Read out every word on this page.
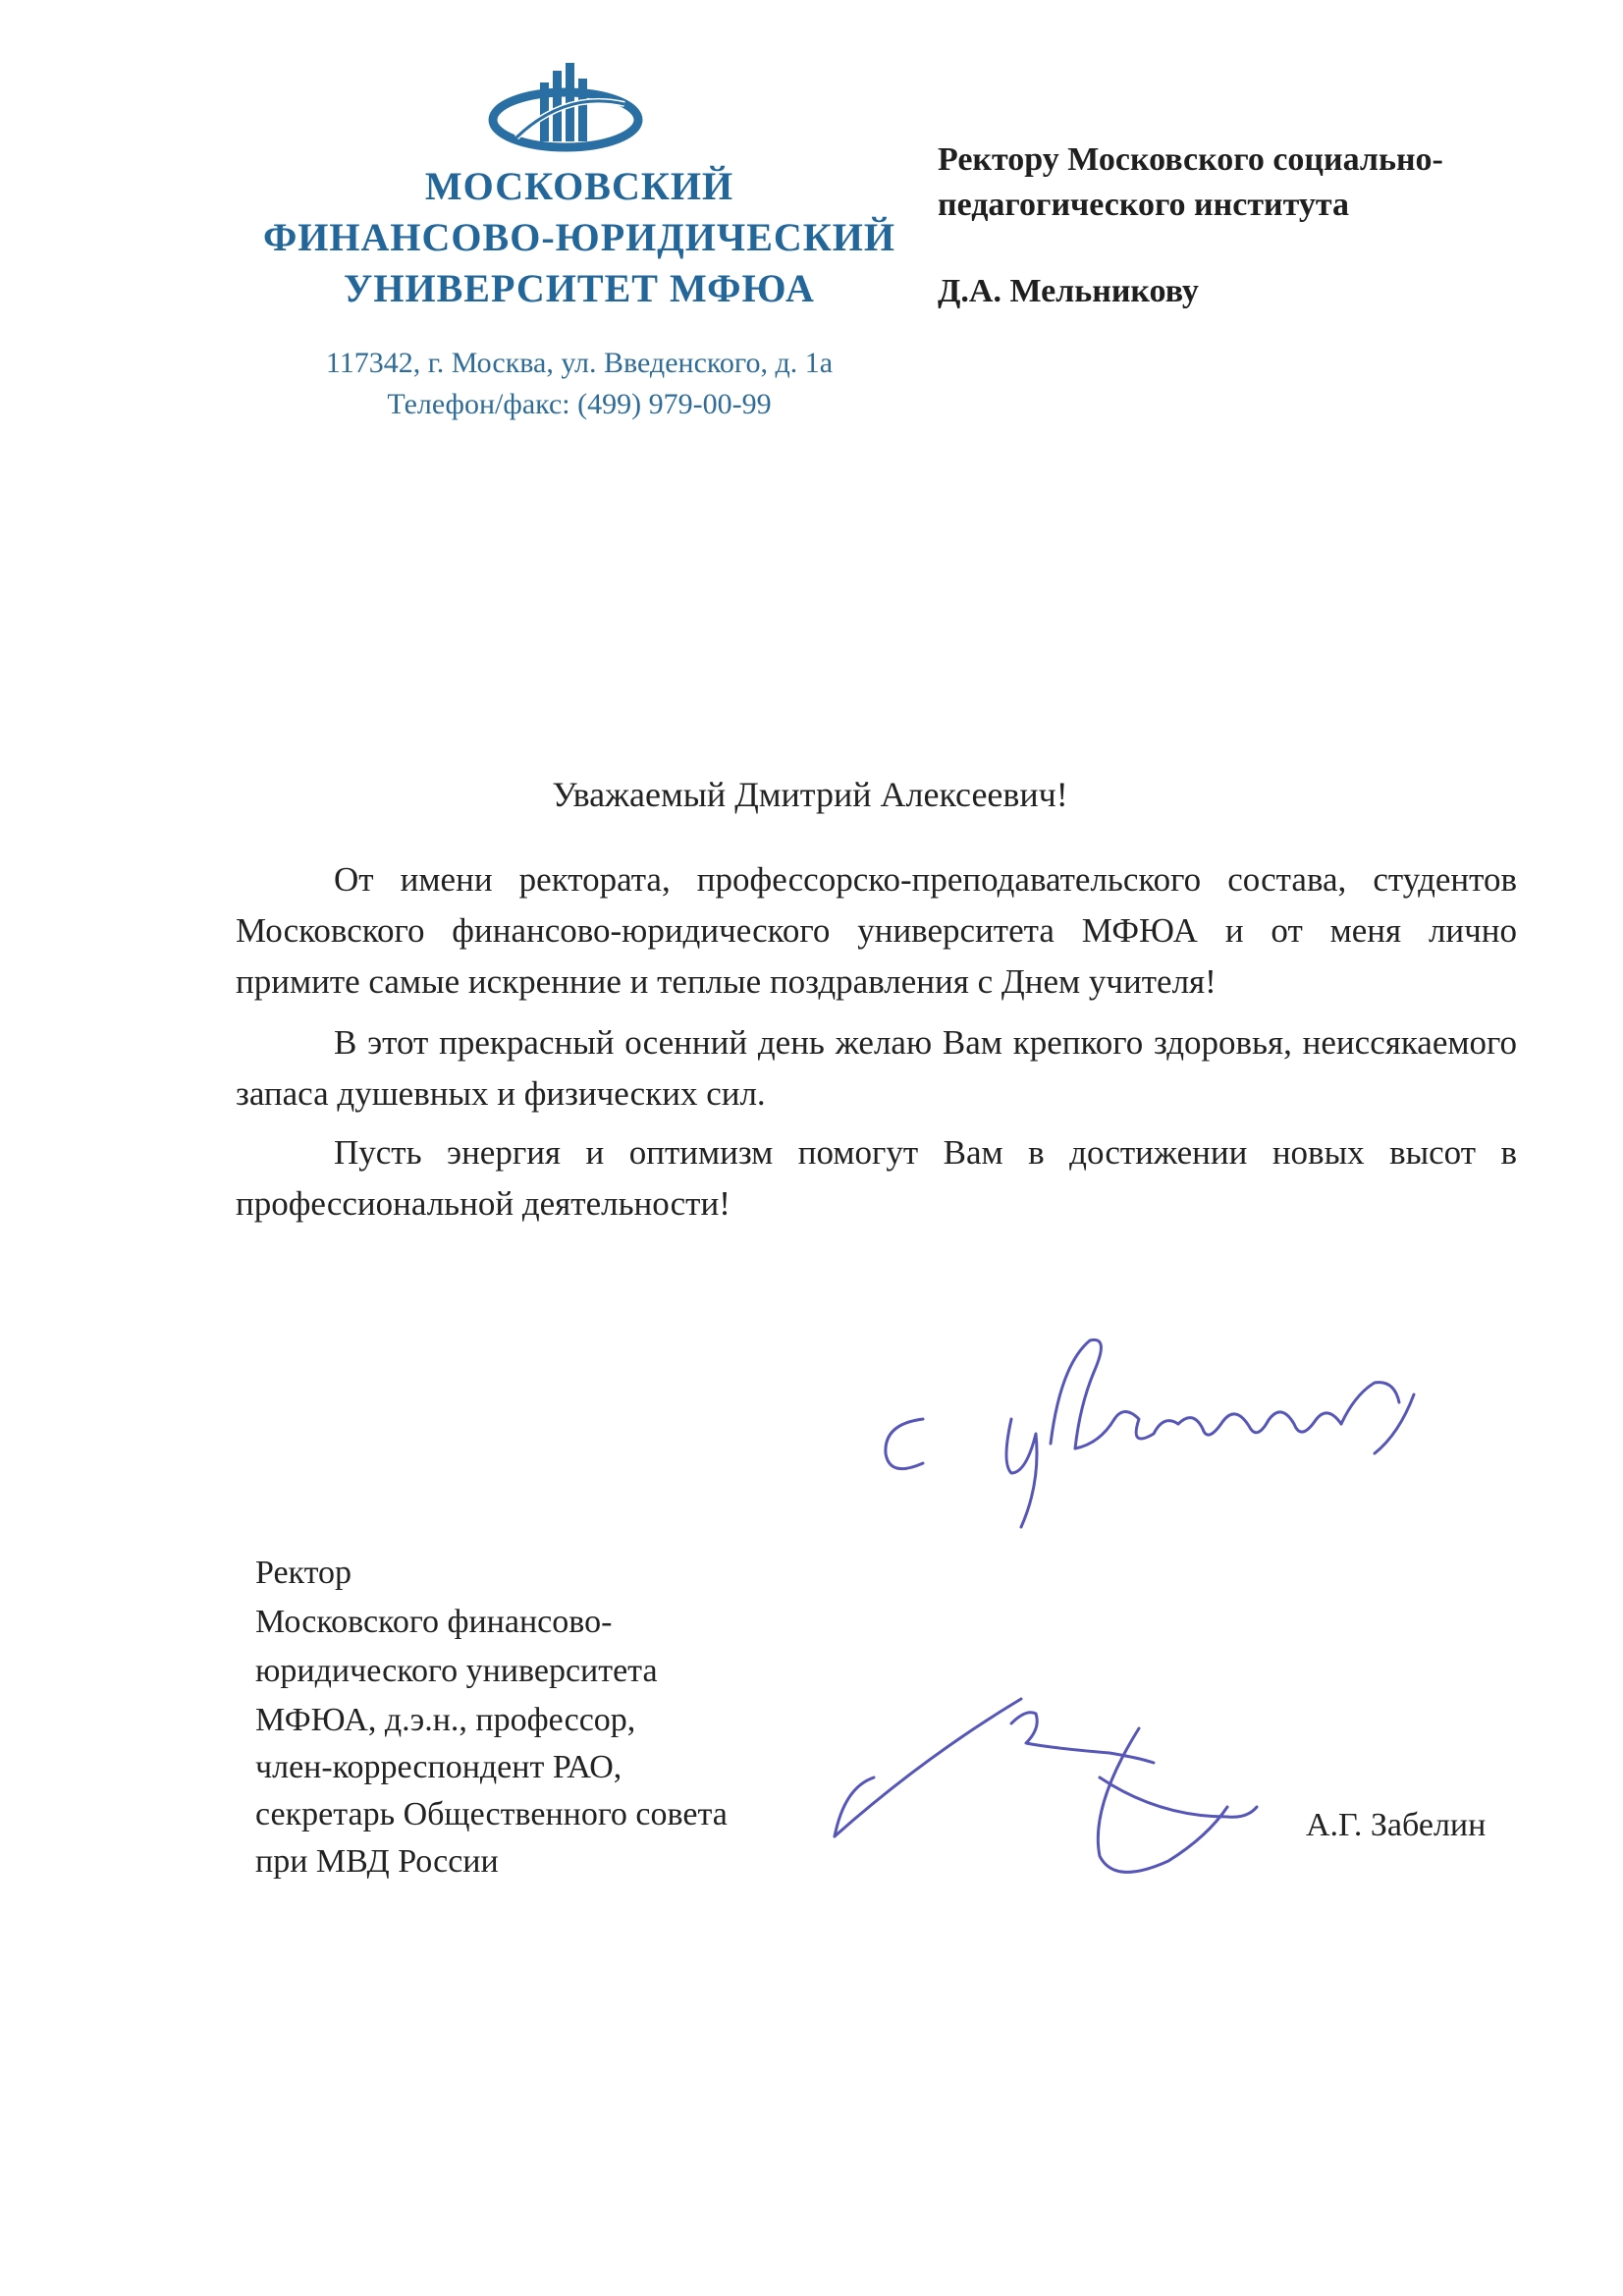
МОСКОВСКИЙ
ФИНАНСОВО-ЮРИДИЧЕСКИЙ
УНИВЕРСИТЕТ МФЮА
117342, г. Москва, ул. Введенского, д. 1а
Телефон/факс: (499) 979-00-99
Ректору Московского социально-
педагогического института
Д.А. Мельникову
Уважаемый Дмитрий Алексеевич!
От имени ректората, профессорско-преподавательского состава, студентов Московского финансово-юридического университета МФЮА и от меня лично примите самые искренние и теплые поздравления с Днем учителя!
В этот прекрасный осенний день желаю Вам крепкого здоровья, неиссякаемого запаса душевных и физических сил.
Пусть энергия и оптимизм помогут Вам в достижении новых высот в профессиональной деятельности!
Ректор
Московского финансово-
юридического университета
МФЮА, д.э.н., профессор,
член-корреспондент РАО,
секретарь Общественного совета
при МВД России
А.Г. Забелин
